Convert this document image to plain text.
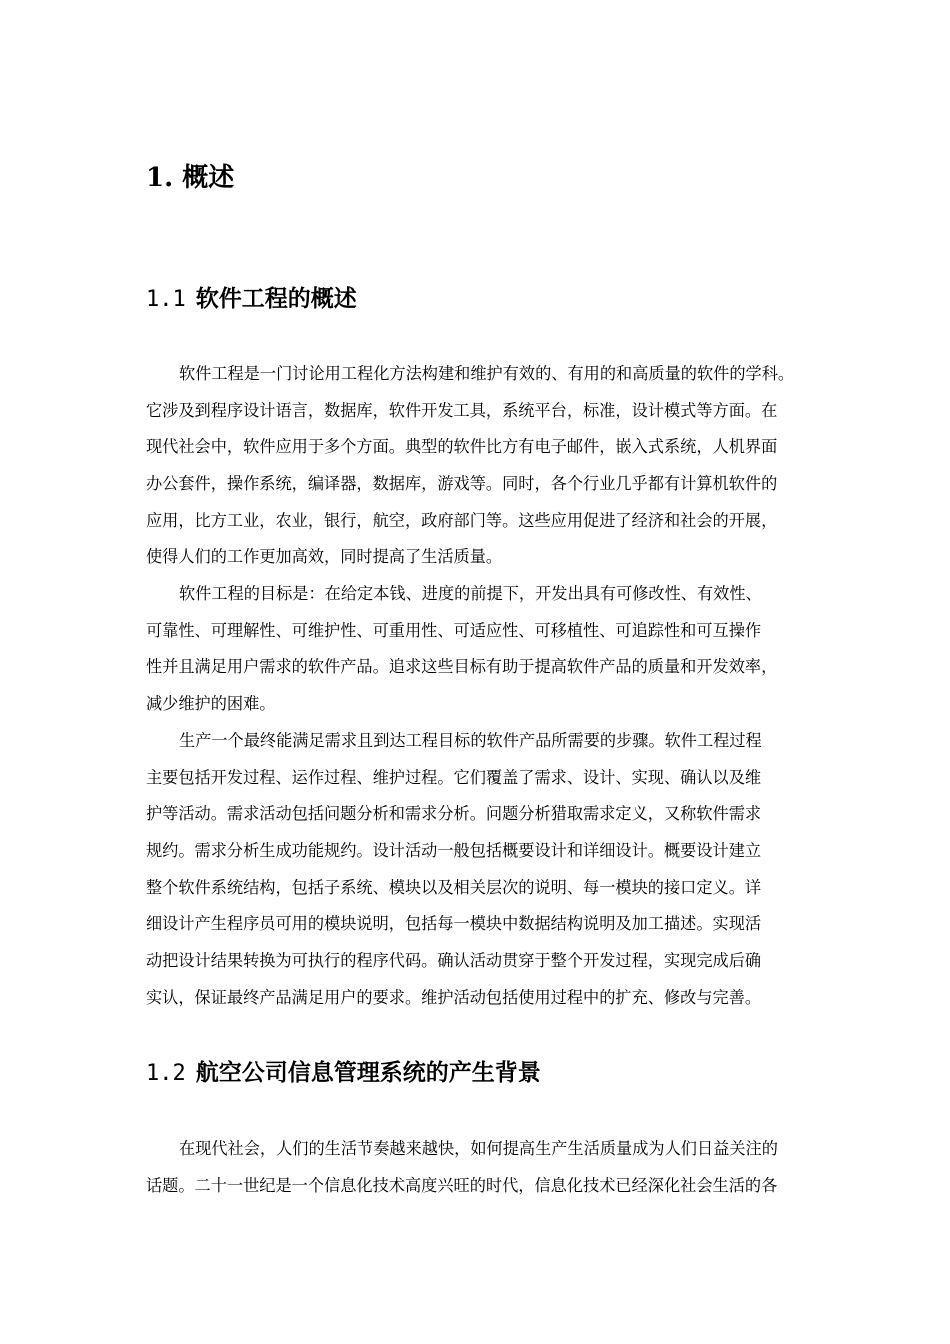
1. 概述
1.1 软件工程的概述
软件工程是一门讨论用工程化方法构建和维护有效的、有用的和高质量的软件的学科。
它涉及到程序设计语言，数据库，软件开发工具，系统平台，标准，设计模式等方面。在
现代社会中，软件应用于多个方面。典型的软件比方有电子邮件，嵌入式系统，人机界面
办公套件，操作系统，编译器，数据库，游戏等。同时，各个行业几乎都有计算机软件的
应用，比方工业，农业，银行，航空，政府部门等。这些应用促进了经济和社会的开展，
使得人们的工作更加高效，同时提高了生活质量。
软件工程的目标是：在给定本钱、进度的前提下，开发出具有可修改性、有效性、
可靠性、可理解性、可维护性、可重用性、可适应性、可移植性、可追踪性和可互操作
性并且满足用户需求的软件产品。追求这些目标有助于提高软件产品的质量和开发效率，
减少维护的困难。
生产一个最终能满足需求且到达工程目标的软件产品所需要的步骤。软件工程过程
主要包括开发过程、运作过程、维护过程。它们覆盖了需求、设计、实现、确认以及维
护等活动。需求活动包括问题分析和需求分析。问题分析猎取需求定义，又称软件需求
规约。需求分析生成功能规约。设计活动一般包括概要设计和详细设计。概要设计建立
整个软件系统结构，包括子系统、模块以及相关层次的说明、每一模块的接口定义。详
细设计产生程序员可用的模块说明，包括每一模块中数据结构说明及加工描述。实现活
动把设计结果转换为可执行的程序代码。确认活动贯穿于整个开发过程，实现完成后确
实认，保证最终产品满足用户的要求。维护活动包括使用过程中的扩充、修改与完善。
1.2 航空公司信息管理系统的产生背景
在现代社会，人们的生活节奏越来越快，如何提高生产生活质量成为人们日益关注的
话题。二十一世纪是一个信息化技术高度兴旺的时代，信息化技术已经深化社会生活的各
